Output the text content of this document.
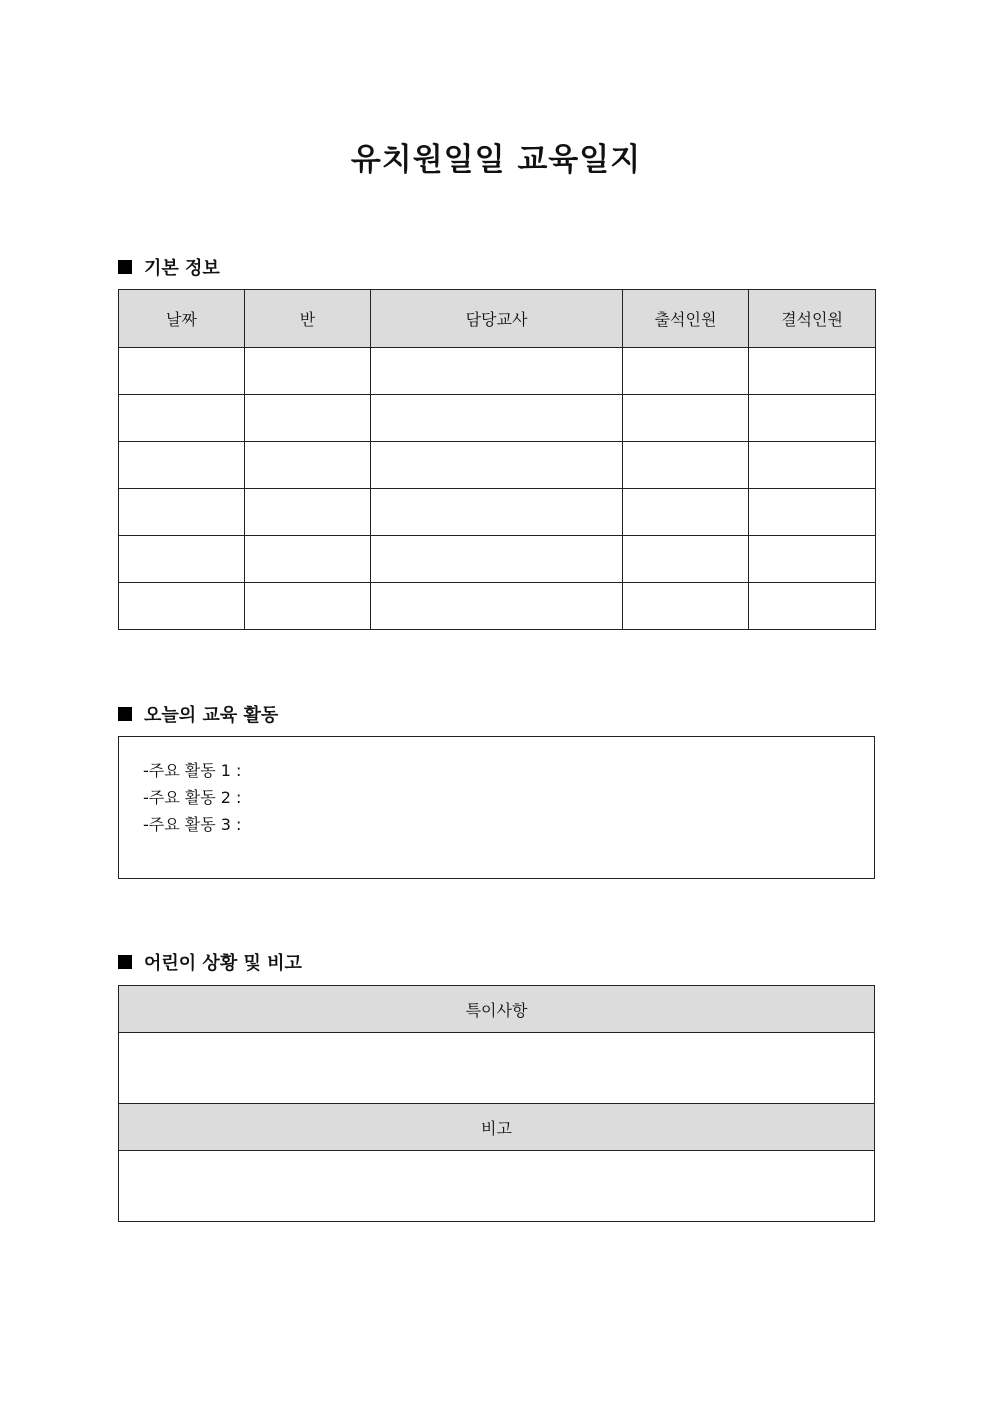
유치원일일 교육일지
기본 정보
날짜	반	담당교사	출석인원	결석인원

오늘의 교육 활동
-주요 활동 1 :
-주요 활동 2 :
-주요 활동 3 :
어린이 상황 및 비고
특이사항

비고
